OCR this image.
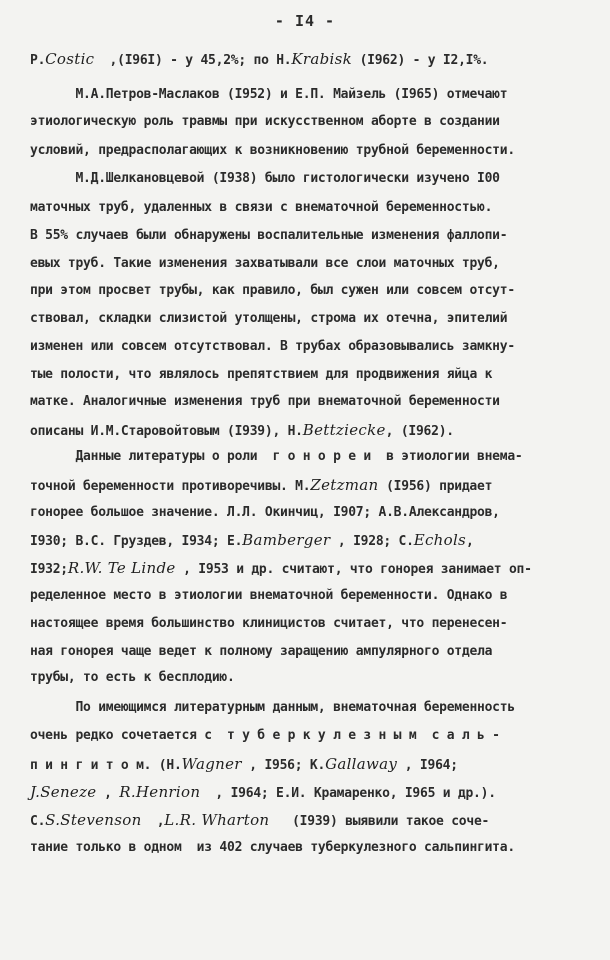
- I4 -
P.Costic  ,(I96I) - у 45,2%; по Н.Krabisk (I962) - у I2,I%.
М.А.Петров-Маслаков (I952) и Е.П. Майзель (I965) отмечают
этиологическую роль травмы при искусственном аборте в создании
условий, предрасполагающих к возникновению трубной беременности.
М.Д.Шелкановцевой (I938) было гистологически изучено I00
маточных труб, удаленных в связи с внематочной беременностью.
В 55% случаев были обнаружены воспалительные изменения фаллопи-
евых труб. Такие изменения захватывали все слои маточных труб,
при этом просвет трубы, как правило, был сужен или совсем отсут-
ствовал, складки слизистой утолщены, строма их отечна, эпителий
изменен или совсем отсутствовал. В трубах образовывались замкну-
тые полости, что являлось препятствием для продвижения яйца к
матке. Аналогичные изменения труб при внематочной беременности
описаны И.М.Старовойтовым (I939), Н.Bettziecke, (I962).
Данные литературы о роли  г о н о р е и  в этиологии внема-
точной беременности противоречивы. М.Zetzman (I956) придает
гонорее большое значение. Л.Л. Окинчиц, I907; А.В.Александров,
I930; В.С. Груздев, I934; Е.Bamberger , I928; С.Echols,
I932;R.W. Te Linde , I953 и др. считают, что гонорея занимает оп-
ределенное место в этиологии внематочной беременности. Однако в
настоящее время большинство клиницистов считает, что перенесен-
ная гонорея чаще ведет к полному заращению ампулярного отдела
трубы, то есть к бесплодию.
По имеющимся литературным данным, внематочная беременность
очень редко сочетается с  т у б е р к у л е з н ы м  с а л ь -
п и н г и т о м. (Н.Wagner , I956; К.Gallaway , I964;
J.Seneze , R.Henrion  , I964; Е.И. Крамаренко, I965 и др.).
С.S.Stevenson  ,L.R. Wharton   (I939) выявили такое сочe-
тание только в одном  из 402 случаев туберкулезного сальпингита.
